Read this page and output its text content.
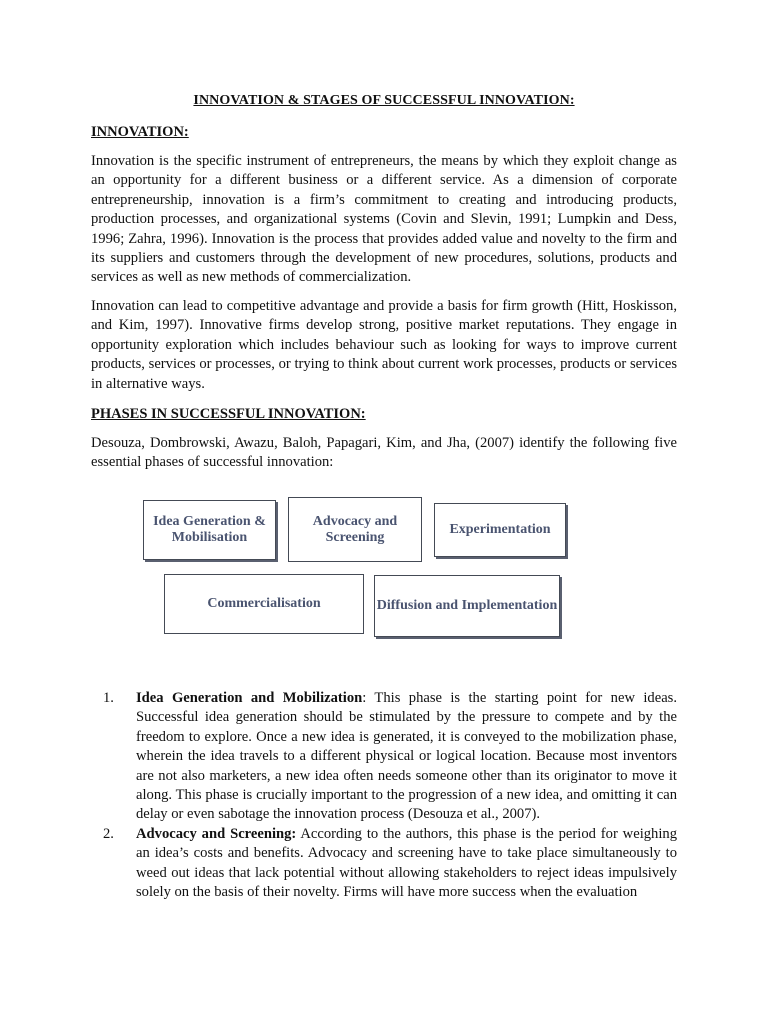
INNOVATION & STAGES OF SUCCESSFUL INNOVATION:
INNOVATION:

Innovation is the specific instrument of entrepreneurs, the means by which they exploit change as an opportunity for a different business or a different service. As a dimension of corporate entrepreneurship, innovation is a firm’s commitment to creating and introducing products, production processes, and organizational systems (Covin and Slevin, 1991; Lumpkin and Dess, 1996; Zahra, 1996). Innovation is the process that provides added value and novelty to the firm and its suppliers and customers through the development of new procedures, solutions, products and services as well as new methods of commercialization.

Innovation can lead to competitive advantage and provide a basis for firm growth (Hitt, Hoskisson, and Kim, 1997). Innovative firms develop strong, positive market reputations. They engage in opportunity exploration which includes behaviour such as looking for ways to improve current products, services or processes, or trying to think about current work processes, products or services in alternative ways.

PHASES IN SUCCESSFUL INNOVATION:

Desouza, Dombrowski, Awazu, Baloh, Papagari, Kim, and Jha, (2007) identify the following five essential phases of successful innovation:

Idea Generation & Mobilisation
Advocacy and Screening	Experimentation
Commercialisation	Diffusion and Implementation
1. Idea Generation and Mobilization: This phase is the starting point for new ideas. Successful idea generation should be stimulated by the pressure to compete and by the freedom to explore. Once a new idea is generated, it is conveyed to the mobilization phase, wherein the idea travels to a different physical or logical location. Because most inventors are not also marketers, a new idea often needs someone other than its originator to move it along. This phase is crucially important to the progression of a new idea, and omitting it can delay or even sabotage the innovation process (Desouza et al., 2007).
2. Advocacy and Screening: According to the authors, this phase is the period for weighing an idea’s costs and benefits. Advocacy and screening have to take place simultaneously to weed out ideas that lack potential without allowing stakeholders to reject ideas impulsively solely on the basis of their novelty. Firms will have more success when the evaluation
